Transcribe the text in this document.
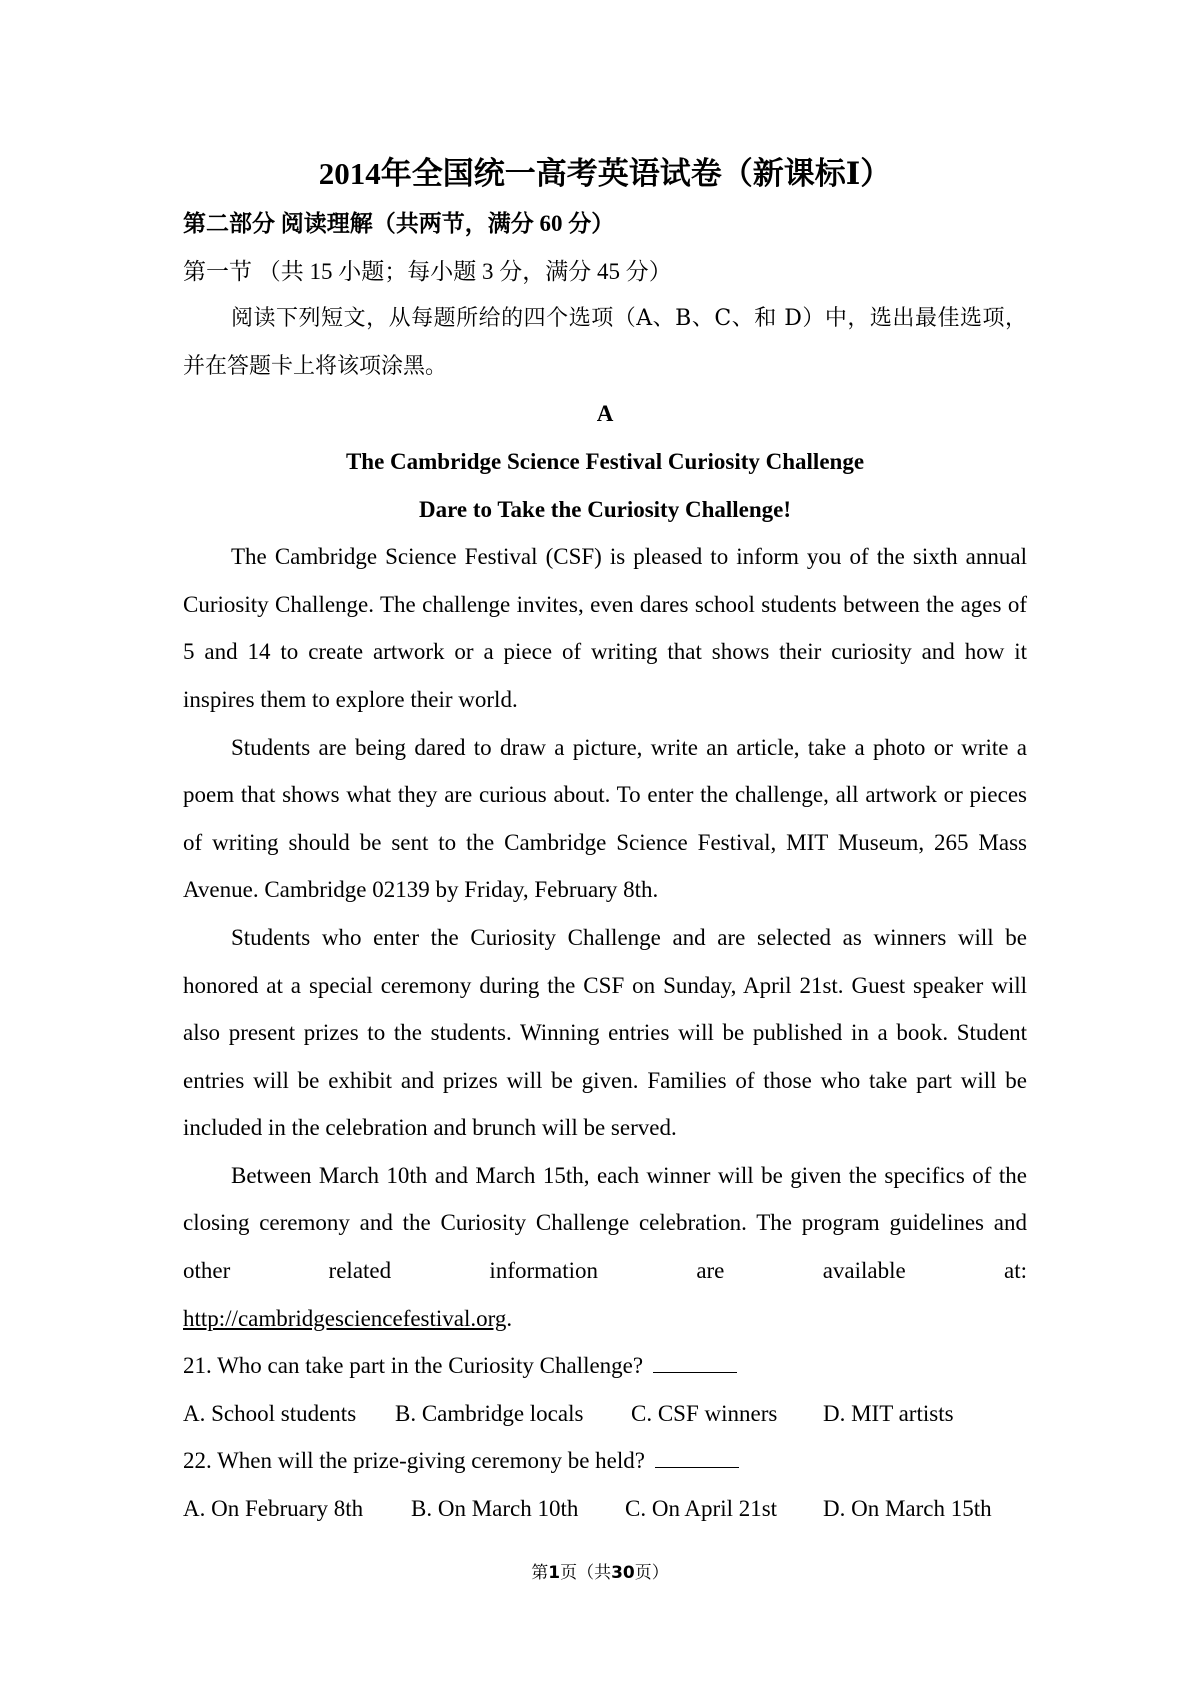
2014年全国统一高考英语试卷（新课标Ⅰ）

第二部分 阅读理解（共两节，满分 60 分）

第一节 （共 15 小题；每小题 3 分，满分 45 分）

阅读下列短文，从每题所给的四个选项（A、B、C、和 D）中，选出最佳选项，并在答题卡上将该项涂黑。

A

The Cambridge Science Festival Curiosity Challenge

Dare to Take the Curiosity Challenge!

The Cambridge Science Festival (CSF) is pleased to inform you of the sixth annual Curiosity Challenge. The challenge invites, even dares school students between the ages of 5 and 14 to create artwork or a piece of writing that shows their curiosity and how it inspires them to explore their world.

Students are being dared to draw a picture, write an article, take a photo or write a poem that shows what they are curious about. To enter the challenge, all artwork or pieces of writing should be sent to the Cambridge Science Festival, MIT Museum, 265 Mass Avenue. Cambridge 02139 by Friday, February 8th.

Students who enter the Curiosity Challenge and are selected as winners will be honored at a special ceremony during the CSF on Sunday, April 21st. Guest speaker will also present prizes to the students. Winning entries will be published in a book. Student entries will be exhibit and prizes will be given. Families of those who take part will be included in the celebration and brunch will be served.

Between March 10th and March 15th, each winner will be given the specifics of the closing ceremony and the Curiosity Challenge celebration. The program guidelines and other related information are available at:

http://cambridgesciencefestival.org.

21. Who can take part in the Curiosity Challenge?

A. School students	B. Cambridge locals	C. CSF winners	D. MIT artists

22. When will the prize-giving ceremony be held?

A. On February 8th	B. On March 10th	C. On April 21st	D. On March 15th
第1页（共30页）
